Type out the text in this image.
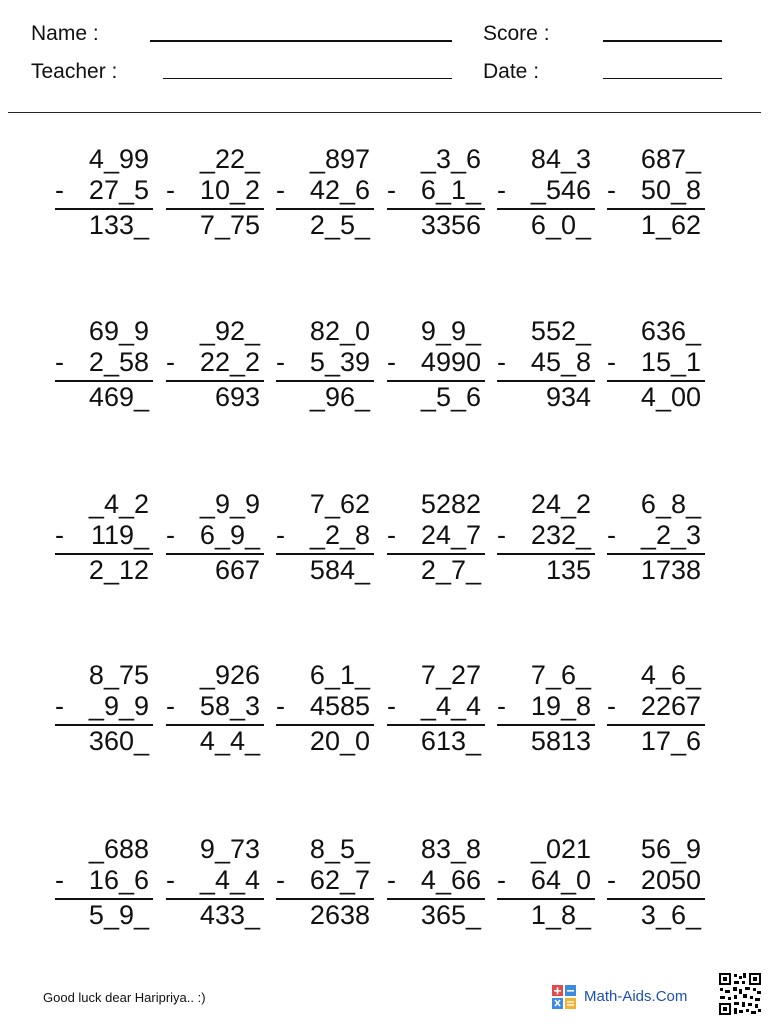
Name :
Teacher :
Score :
Date :
4_99
- 27_5
133_
_22_
- 10_2
7_75
_897
- 42_6
2_5_
_3_6
- 6_1_
3356
84_3
- _546
6_0_
687_
- 50_8
1_62
69_9
- 2_58
469_
_92_
- 22_2
693
82_0
- 5_39
_96_
9_9_
- 4990
_5_6
552_
- 45_8
934
636_
- 15_1
4_00
_4_2
- 119_
2_12
_9_9
- 6_9_
667
7_62
- _2_8
584_
5282
- 24_7
2_7_
24_2
- 232_
135
6_8_
- _2_3
1738
8_75
- _9_9
360_
_926
- 58_3
4_4_
6_1_
- 4585
20_0
7_27
- _4_4
613_
7_6_
- 19_8
5813
4_6_
- 2267
17_6
_688
- 16_6
5_9_
9_73
- _4_4
433_
8_5_
- 62_7
2638
83_8
- 4_66
365_
_021
- 64_0
1_8_
56_9
- 2050
3_6_
Good luck dear Haripriya.. :)	Math-Aids.Com
